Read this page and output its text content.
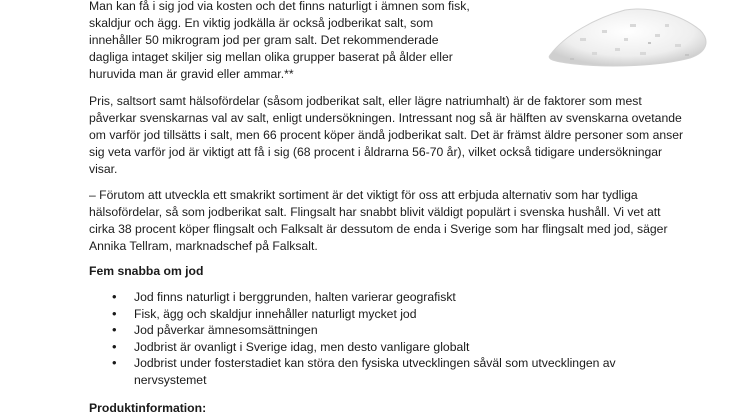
Man kan få i sig jod via kosten och det finns naturligt i ämnen som fisk,
skaldjur och ägg. En viktig jodkälla är också jodberikat salt, som
innehåller 50 mikrogram jod per gram salt. Det rekommenderade
dagliga intaget skiljer sig mellan olika grupper baserat på ålder eller
huruvida man är gravid eller ammar.**

Pris, saltsort samt hälsofördelar (såsom jodberikat salt, eller lägre natriumhalt) är de faktorer som mest
påverkar svenskarnas val av salt, enligt undersökningen. Intressant nog så är hälften av svenskarna ovetande
om varför jod tillsätts i salt, men 66 procent köper ändå jodberikat salt. Det är främst äldre personer som anser
sig veta varför jod är viktigt att få i sig (68 procent i åldrarna 56-70 år), vilket också tidigare undersökningar
visar.

– Förutom att utveckla ett smakrikt sortiment är det viktigt för oss att erbjuda alternativ som har tydliga
hälsofördelar, så som jodberikat salt. Flingsalt har snabbt blivit väldigt populärt i svenska hushåll. Vi vet att
cirka 38 procent köper flingsalt och Falksalt är dessutom de enda i Sverige som har flingsalt med jod, säger
Annika Tellram, marknadschef på Falksalt.

Fem snabba om jod
• Jod finns naturligt i berggrunden, halten varierar geografiskt
• Fisk, ägg och skaldjur innehåller naturligt mycket jod
• Jod påverkar ämnesomsättningen
• Jodbrist är ovanligt i Sverige idag, men desto vanligare globalt
• Jodbrist under fosterstadiet kan störa den fysiska utvecklingen såväl som utvecklingen av
nervsystemet
Produktinformation:
